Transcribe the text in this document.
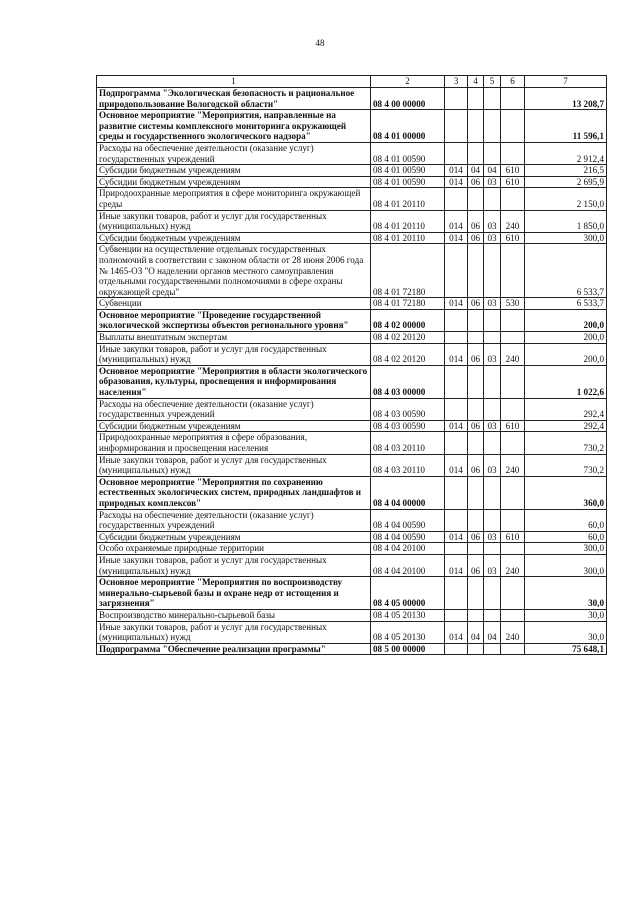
48
1	2	3	4	5	6	7
Подпрограмма "Экологическая безопасность и рациональное природопользование Вологодской области"	08 4 00 00000					13 208,7
Основное мероприятие "Мероприятия, направленные на развитие системы комплексного мониторинга окружающей среды и государственного экологического надзора"	08 4 01 00000					11 596,1
Расходы на обеспечение деятельности (оказание услуг) государственных учреждений	08 4 01 00590					2 912,4
Субсидии бюджетным учреждениям	08 4 01 00590	014	04	04	610	216,5
Субсидии бюджетным учреждениям	08 4 01 00590	014	06	03	610	2 695,9
Природоохранные мероприятия в сфере мониторинга окружающей среды	08 4 01 20110					2 150,0
Иные закупки товаров, работ и услуг для государственных (муниципальных) нужд	08 4 01 20110	014	06	03	240	1 850,0
Субсидии бюджетным учреждениям	08 4 01 20110	014	06	03	610	300,0
Субвенции на осуществление отдельных государственных полномочий в соответствии с законом области от 28 июня 2006 года № 1465-ОЗ "О наделении органов местного самоуправления отдельными государственными полномочиями в сфере охраны окружающей среды"	08 4 01 72180					6 533,7
Субвенции	08 4 01 72180	014	06	03	530	6 533,7
Основное мероприятие "Проведение государственной экологической экспертизы объектов регионального уровня"	08 4 02 00000					200,0
Выплаты внештатным экспертам	08 4 02 20120					200,0
Иные закупки товаров, работ и услуг для государственных (муниципальных) нужд	08 4 02 20120	014	06	03	240	200,0
Основное мероприятие "Мероприятия в области экологического образования, культуры, просвещения и информирования населения"	08 4 03 00000					1 022,6
Расходы на обеспечение деятельности (оказание услуг) государственных учреждений	08 4 03 00590					292,4
Субсидии бюджетным учреждениям	08 4 03 00590	014	06	03	610	292,4
Природоохранные мероприятия в сфере образования, информирования и просвещения населения	08 4 03 20110					730,2
Иные закупки товаров, работ и услуг для государственных (муниципальных) нужд	08 4 03 20110	014	06	03	240	730,2
Основное мероприятие "Мероприятия по сохранению естественных экологических систем, природных ландшафтов и природных комплексов"	08 4 04 00000					360,0
Расходы на обеспечение деятельности (оказание услуг) государственных учреждений	08 4 04 00590					60,0
Субсидии бюджетным учреждениям	08 4 04 00590	014	06	03	610	60,0
Особо охраняемые природные территории	08 4 04 20100					300,0
Иные закупки товаров, работ и услуг для государственных (муниципальных) нужд	08 4 04 20100	014	06	03	240	300,0
Основное мероприятие "Мероприятия по воспроизводству минерально-сырьевой базы и охране недр от истощения и загрязнения"	08 4 05 00000					30,0
Воспроизводство минерально-сырьевой базы	08 4 05 20130					30,0
Иные закупки товаров, работ и услуг для государственных (муниципальных) нужд	08 4 05 20130	014	04	04	240	30,0
Подпрограмма "Обеспечение реализации программы"	08 5 00 00000					75 648,1
